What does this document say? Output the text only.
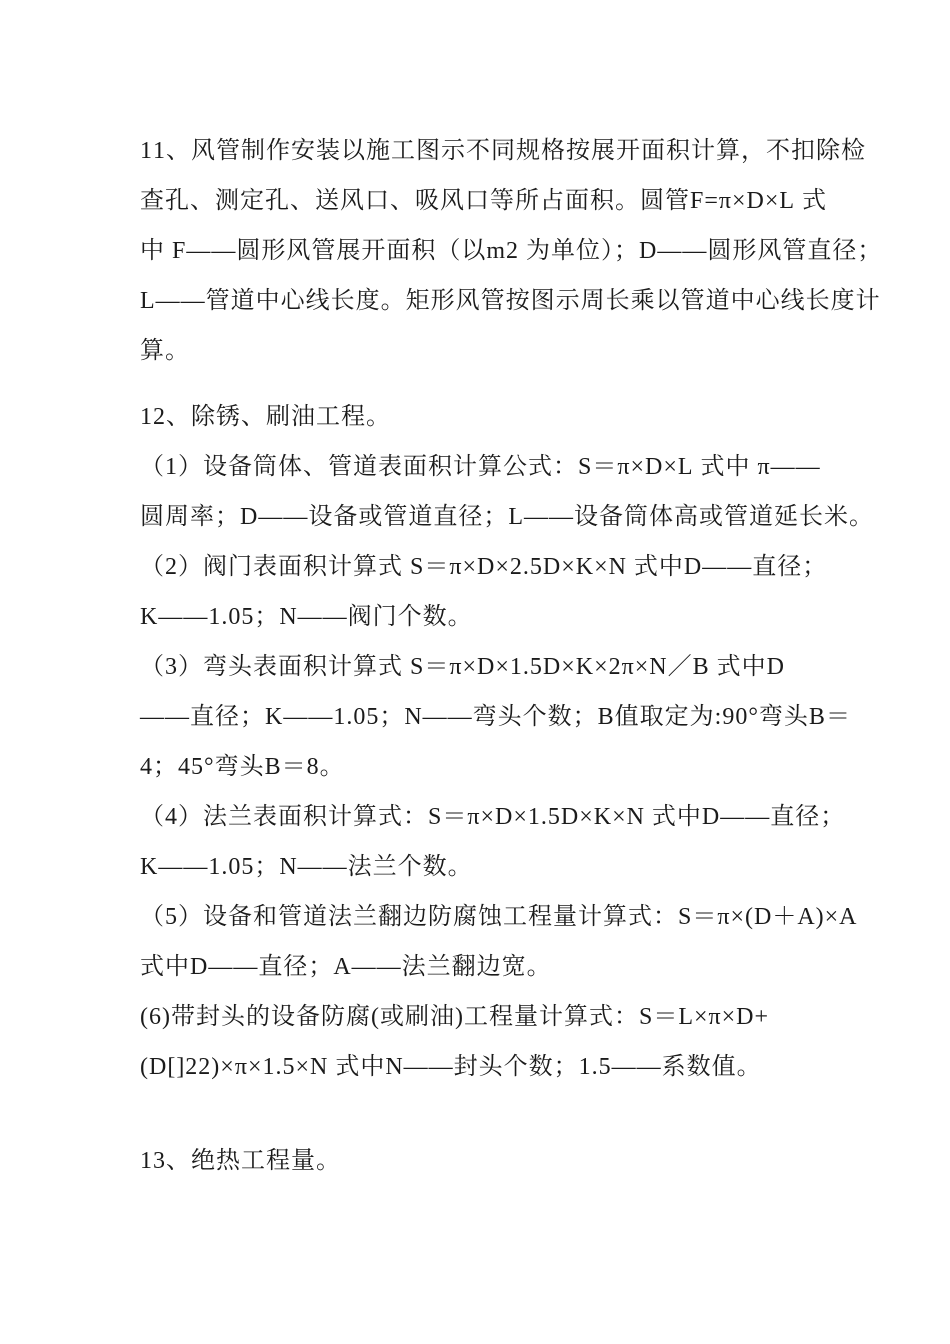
11、风管制作安装以施工图示不同规格按展开面积计算，不扣除检
查孔、测定孔、送风口、吸风口等所占面积。圆管F=π×D×L 式
中 F——圆形风管展开面积（以m2 为单位）；D——圆形风管直径；
L——管道中心线长度。矩形风管按图示周长乘以管道中心线长度计
算。
12、除锈、刷油工程。
（1）设备筒体、管道表面积计算公式：S＝π×D×L 式中 π——
圆周率；D——设备或管道直径；L——设备筒体高或管道延长米。
（2）阀门表面积计算式 S＝π×D×2.5D×K×N 式中D——直径；
K——1.05；N——阀门个数。
（3）弯头表面积计算式 S＝π×D×1.5D×K×2π×N／B 式中D
——直径；K——1.05；N——弯头个数；B值取定为:90°弯头B＝
4；45°弯头B＝8。
（4）法兰表面积计算式：S＝π×D×1.5D×K×N 式中D——直径；
K——1.05；N——法兰个数。
（5）设备和管道法兰翻边防腐蚀工程量计算式：S＝π×(D＋A)×A
式中D——直径；A——法兰翻边宽。
(6)带封头的设备防腐(或刷油)工程量计算式：S＝L×π×D+
(D[]22)×π×1.5×N 式中N——封头个数；1.5——系数值。
13、绝热工程量。
